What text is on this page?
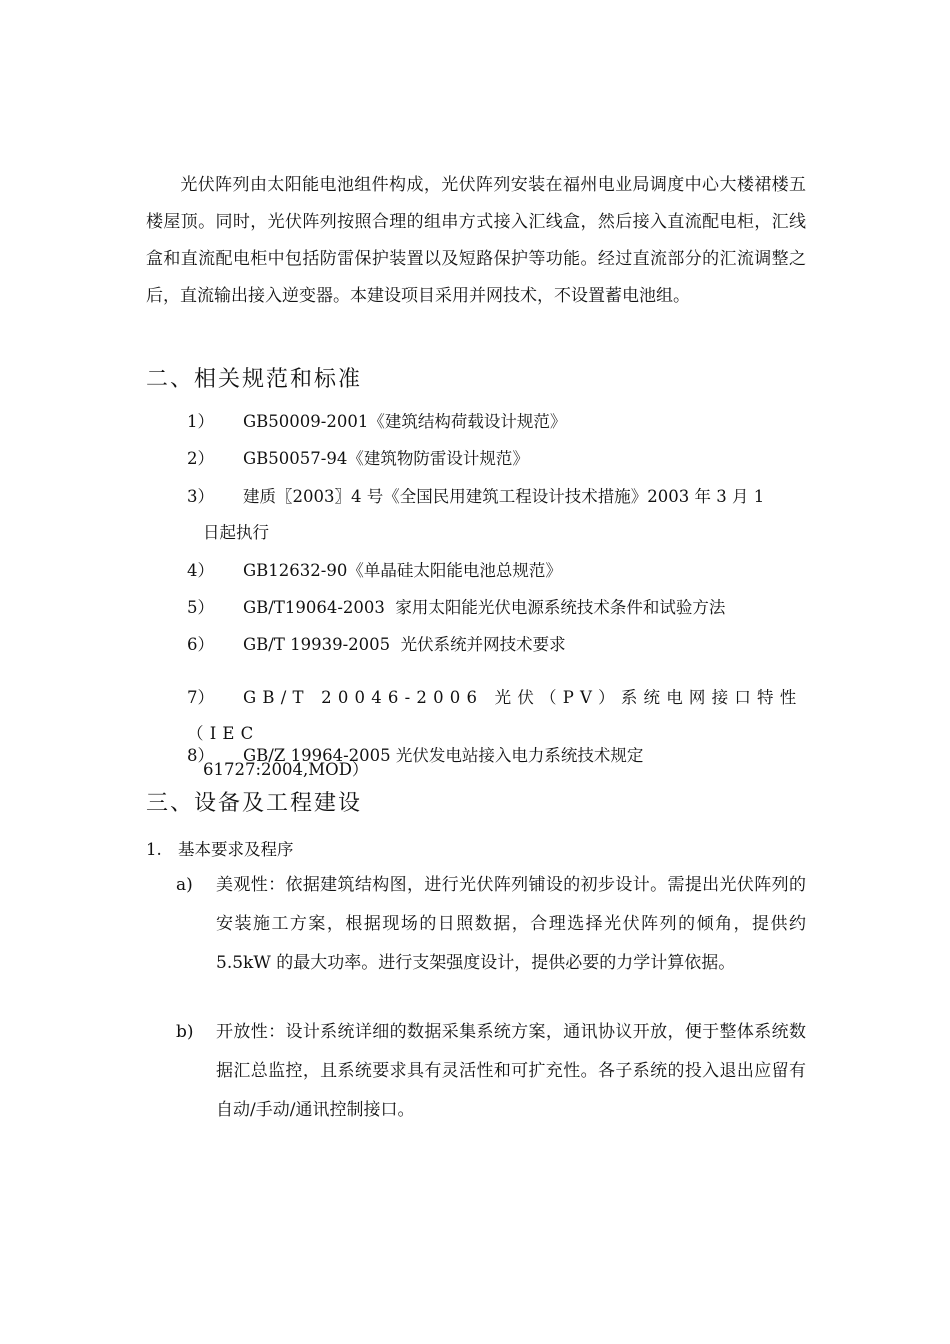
光伏阵列由太阳能电池组件构成，光伏阵列安装在福州电业局调度中心大楼裙楼五楼屋顶。同时，光伏阵列按照合理的组串方式接入汇线盒，然后接入直流配电柜，汇线盒和直流配电柜中包括防雷保护装置以及短路保护等功能。经过直流部分的汇流调整之后，直流输出接入逆变器。本建设项目采用并网技术，不设置蓄电池组。

二、相关规范和标准
1） GB50009-2001《建筑结构荷载设计规范》
2） GB50057-94《建筑物防雷设计规范》
3） 建质〖2003〗4 号《全国民用建筑工程设计技术措施》2003 年 3 月 1
日起执行
4） GB12632-90《单晶硅太阳能电池总规范》
5） GB/T19064-2003  家用太阳能光伏电源系统技术条件和试验方法
6） GB/T 19939-2005  光伏系统并网技术要求
7） GB/T 20046-2006 光伏（PV）系统电网接口特性（IEC
61727:2004,MOD）
8） GB/Z 19964-2005 光伏发电站接入电力系统技术规定
三、设备及工程建设
1. 基本要求及程序
a)	美观性：依据建筑结构图，进行光伏阵列铺设的初步设计。需提出光伏阵列的安装施工方案，根据现场的日照数据，合理选择光伏阵列的倾角，提供约 5.5kW 的最大功率。进行支架强度设计，提供必要的力学计算依据。
b)	开放性：设计系统详细的数据采集系统方案，通讯协议开放，便于整体系统数据汇总监控，且系统要求具有灵活性和可扩充性。各子系统的投入退出应留有自动/手动/通讯控制接口。
